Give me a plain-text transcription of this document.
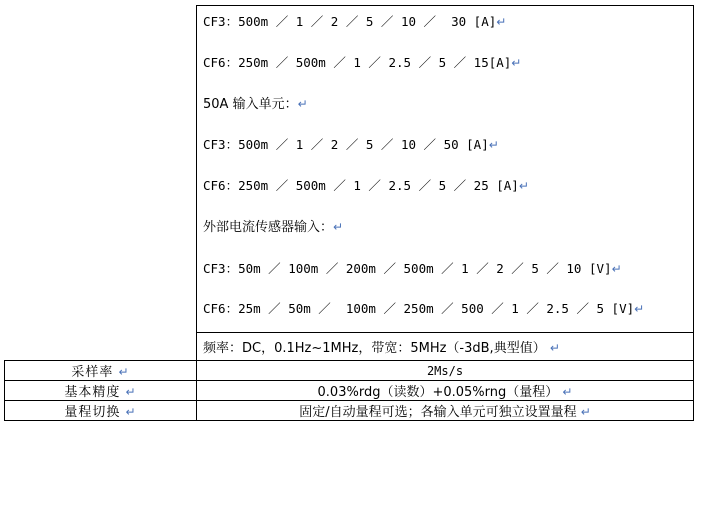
CF3：500m ／ 1 ／ 2 ／ 5 ／ 10 ／  30 [A]↵
CF6：250m ／ 500m ／ 1 ／ 2.5 ／ 5 ／ 15[A]↵
50A 输入单元：↵
CF3：500m ／ 1 ／ 2 ／ 5 ／ 10 ／ 50 [A]↵
CF6：250m ／ 500m ／ 1 ／ 2.5 ／ 5 ／ 25 [A]↵
外部电流传感器输入：↵
CF3：50m ／ 100m ／ 200m ／ 500m ／ 1 ／ 2 ／ 5 ／ 10 [V]↵
CF6：25m ／ 50m ／  100m ／ 250m ／ 500 ／ 1 ／ 2.5 ／ 5 [V]↵
频率：DC，0.1Hz~1MHz，带宽：5MHz（-3dB,典型值） ↵

采样率 ↵	2Ms/s
基本精度 ↵	0.03%rdg（读数）+0.05%rng（量程） ↵
量程切换 ↵	固定/自动量程可选；各输入单元可独立设置量程 ↵
